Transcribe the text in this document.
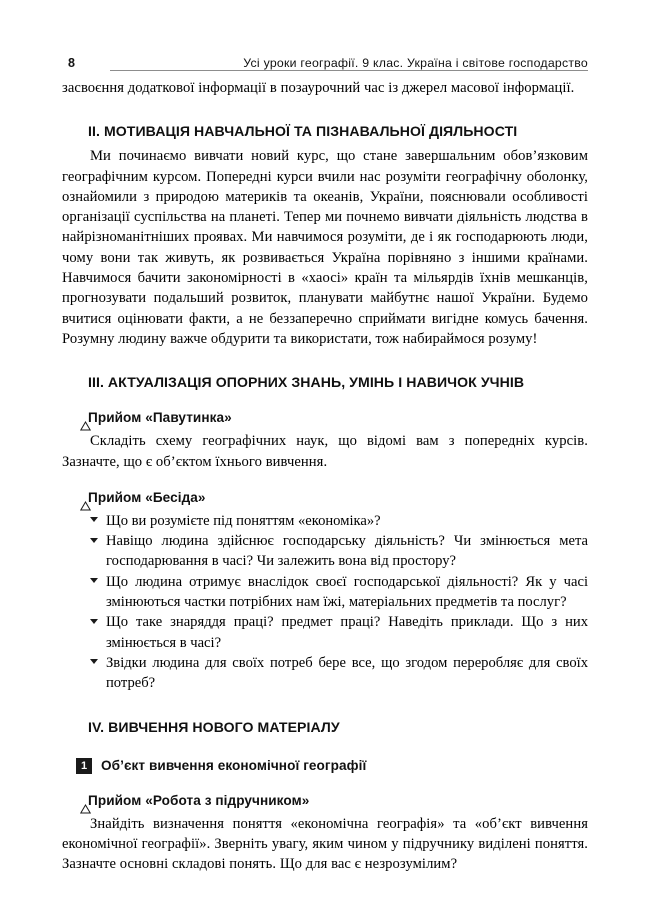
8	Усі уроки географії. 9 клас. Україна і світове господарство

засвоєння додаткової інформації в позаурочний час із джерел масової інформації.

II. МОТИВАЦІЯ НАВЧАЛЬНОЇ ТА ПІЗНАВАЛЬНОЇ ДІЯЛЬНОСТІ

Ми починаємо вивчати новий курс, що стане завершальним обов’язковим географічним курсом. Попередні курси вчили нас розуміти географічну оболонку, ознайомили з природою материків та океанів, України, пояснювали особливості організації суспільства на планеті. Тепер ми почнемо вивчати діяльність людства в найрізноманітніших проявах. Ми навчимося розуміти, де і як господарюють люди, чому вони так живуть, як розвивається Україна порівняно з іншими країнами. Навчимося бачити закономірності в «хаосі» країн та мільярдів їхнів мешканців, прогнозувати подальший розвиток, планувати майбутнє нашої України. Будемо вчитися оцінювати факти, а не беззаперечно сприймати вигідне комусь бачення. Розумну людину важче обдурити та використати, тож набираймося розуму!

III. АКТУАЛІЗАЦІЯ ОПОРНИХ ЗНАНЬ, УМІНЬ І НАВИЧОК УЧНІВ
Прийом «Павутинка»

Складіть схему географічних наук, що відомі вам з попередніх курсів. Зазначте, що є об’єктом їхнього вивчення.

Прийом «Бесіда»
Що ви розумієте під поняттям «економіка»?
Навіщо людина здійснює господарську діяльність? Чи змінюється мета господарювання в часі? Чи залежить вона від простору?
Що людина отримує внаслідок своєї господарської діяльності? Як у часі змінюються частки потрібних нам їжі, матеріальних предметів та послуг?
Що таке знаряддя праці? предмет праці? Наведіть приклади. Що з них змінюється в часі?
Звідки людина для своїх потреб бере все, що згодом переробляє для своїх потреб?
IV. ВИВЧЕННЯ НОВОГО МАТЕРІАЛУ
1	Об’єкт вивчення економічної географії
Прийом «Робота з підручником»

Знайдіть визначення поняття «економічна географія» та «об’єкт вивчення економічної географії». Зверніть увагу, яким чином у підручнику виділені поняття. Зазначте основні складові понять. Що для вас є незрозумілим?
